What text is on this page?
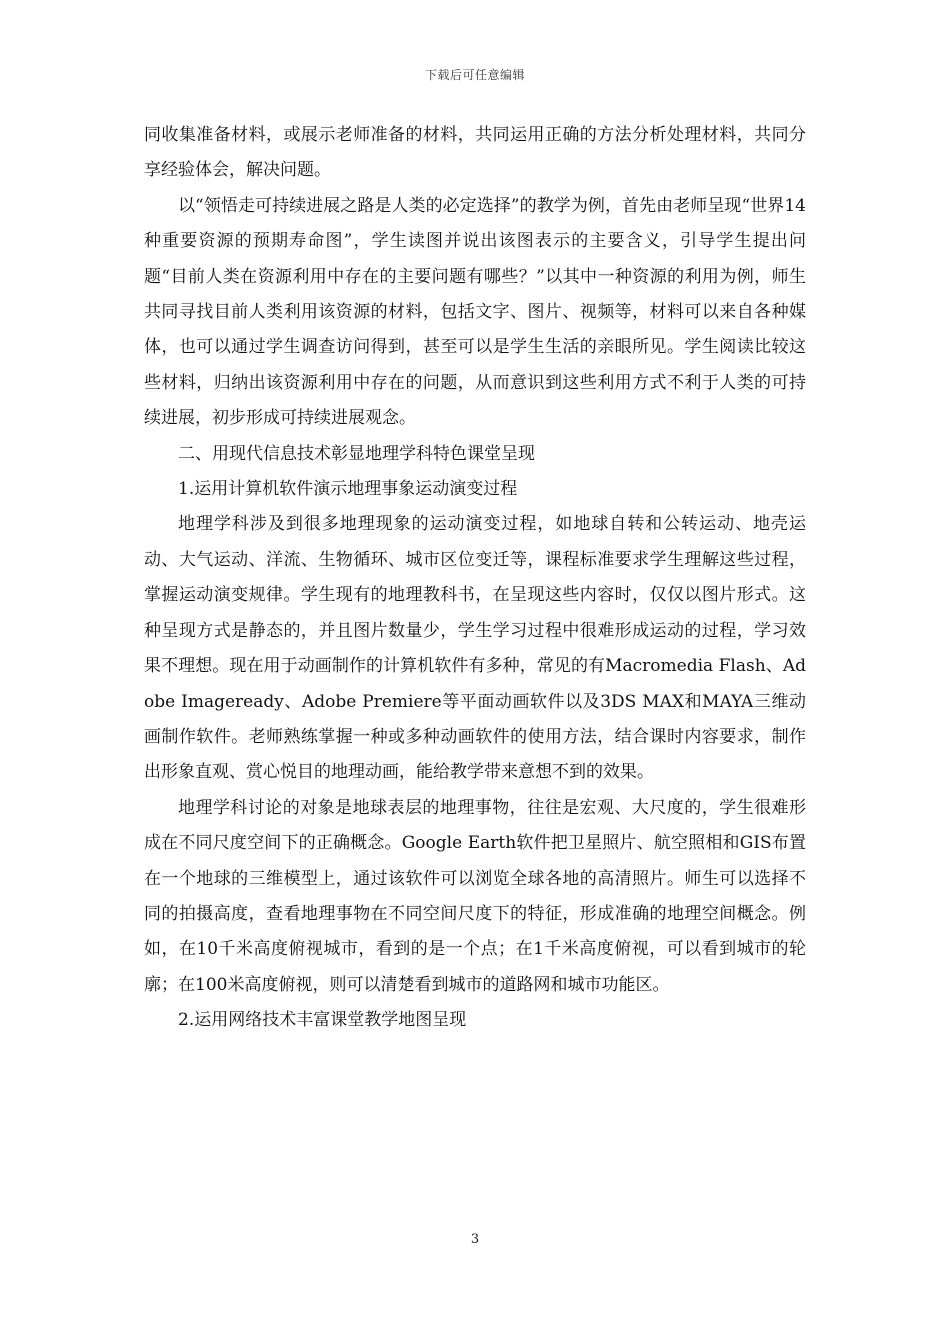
下载后可任意编辑

同收集准备材料，或展示老师准备的材料，共同运用正确的方法分析处理材料，共同分享经验体会，解决问题。

以“领悟走可持续进展之路是人类的必定选择”的教学为例，首先由老师呈现“世界14种重要资源的预期寿命图”，学生读图并说出该图表示的主要含义，引导学生提出问题“目前人类在资源利用中存在的主要问题有哪些？”以其中一种资源的利用为例，师生共同寻找目前人类利用该资源的材料，包括文字、图片、视频等，材料可以来自各种媒体，也可以通过学生调查访问得到，甚至可以是学生生活的亲眼所见。学生阅读比较这些材料，归纳出该资源利用中存在的问题，从而意识到这些利用方式不利于人类的可持续进展，初步形成可持续进展观念。

二、用现代信息技术彰显地理学科特色课堂呈现

1.运用计算机软件演示地理事象运动演变过程

地理学科涉及到很多地理现象的运动演变过程，如地球自转和公转运动、地壳运动、大气运动、洋流、生物循环、城市区位变迁等，课程标准要求学生理解这些过程，掌握运动演变规律。学生现有的地理教科书，在呈现这些内容时，仅仅以图片形式。这种呈现方式是静态的，并且图片数量少，学生学习过程中很难形成运动的过程，学习效果不理想。现在用于动画制作的计算机软件有多种，常见的有Macromedia Flash、Adobe Imageready、Adobe Premiere等平面动画软件以及3DS MAX和MAYA三维动画制作软件。老师熟练掌握一种或多种动画软件的使用方法，结合课时内容要求，制作出形象直观、赏心悦目的地理动画，能给教学带来意想不到的效果。

地理学科讨论的对象是地球表层的地理事物，往往是宏观、大尺度的，学生很难形成在不同尺度空间下的正确概念。Google Earth软件把卫星照片、航空照相和GIS布置在一个地球的三维模型上，通过该软件可以浏览全球各地的高清照片。师生可以选择不同的拍摄高度，查看地理事物在不同空间尺度下的特征，形成准确的地理空间概念。例如，在10千米高度俯视城市，看到的是一个点；在1千米高度俯视，可以看到城市的轮廓；在100米高度俯视，则可以清楚看到城市的道路网和城市功能区。

2.运用网络技术丰富课堂教学地图呈现

3
